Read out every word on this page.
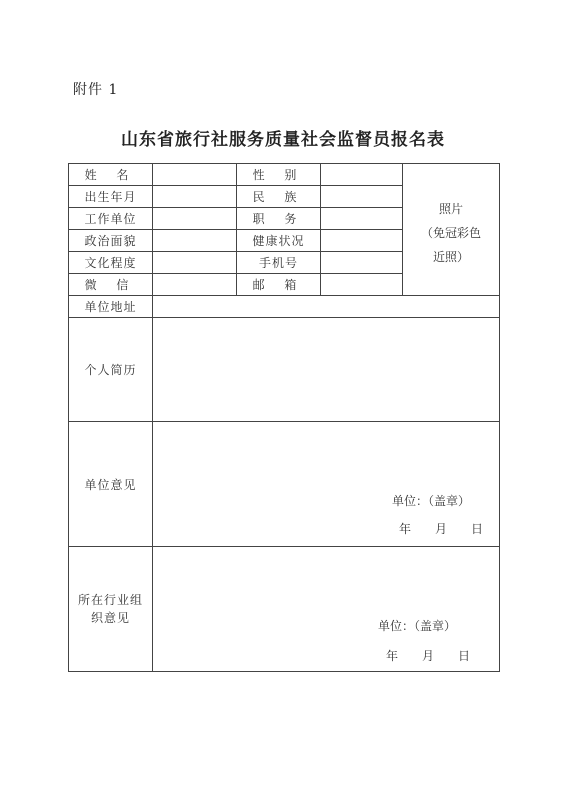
附件 1
山东省旅行社服务质量社会监督员报名表
姓 名		性 别		照片
（免冠彩色
近照）

出生年月		民 族		
工作单位		职 务		
政治面貌		健康状况		
文化程度		手机号		
微 信		邮 箱		
单位地址				
个人简历				
单位意见	单位：（盖章）
年　　月　　日			

所在行业组
织意见	单位：（盖章）
年　　月　　日			
